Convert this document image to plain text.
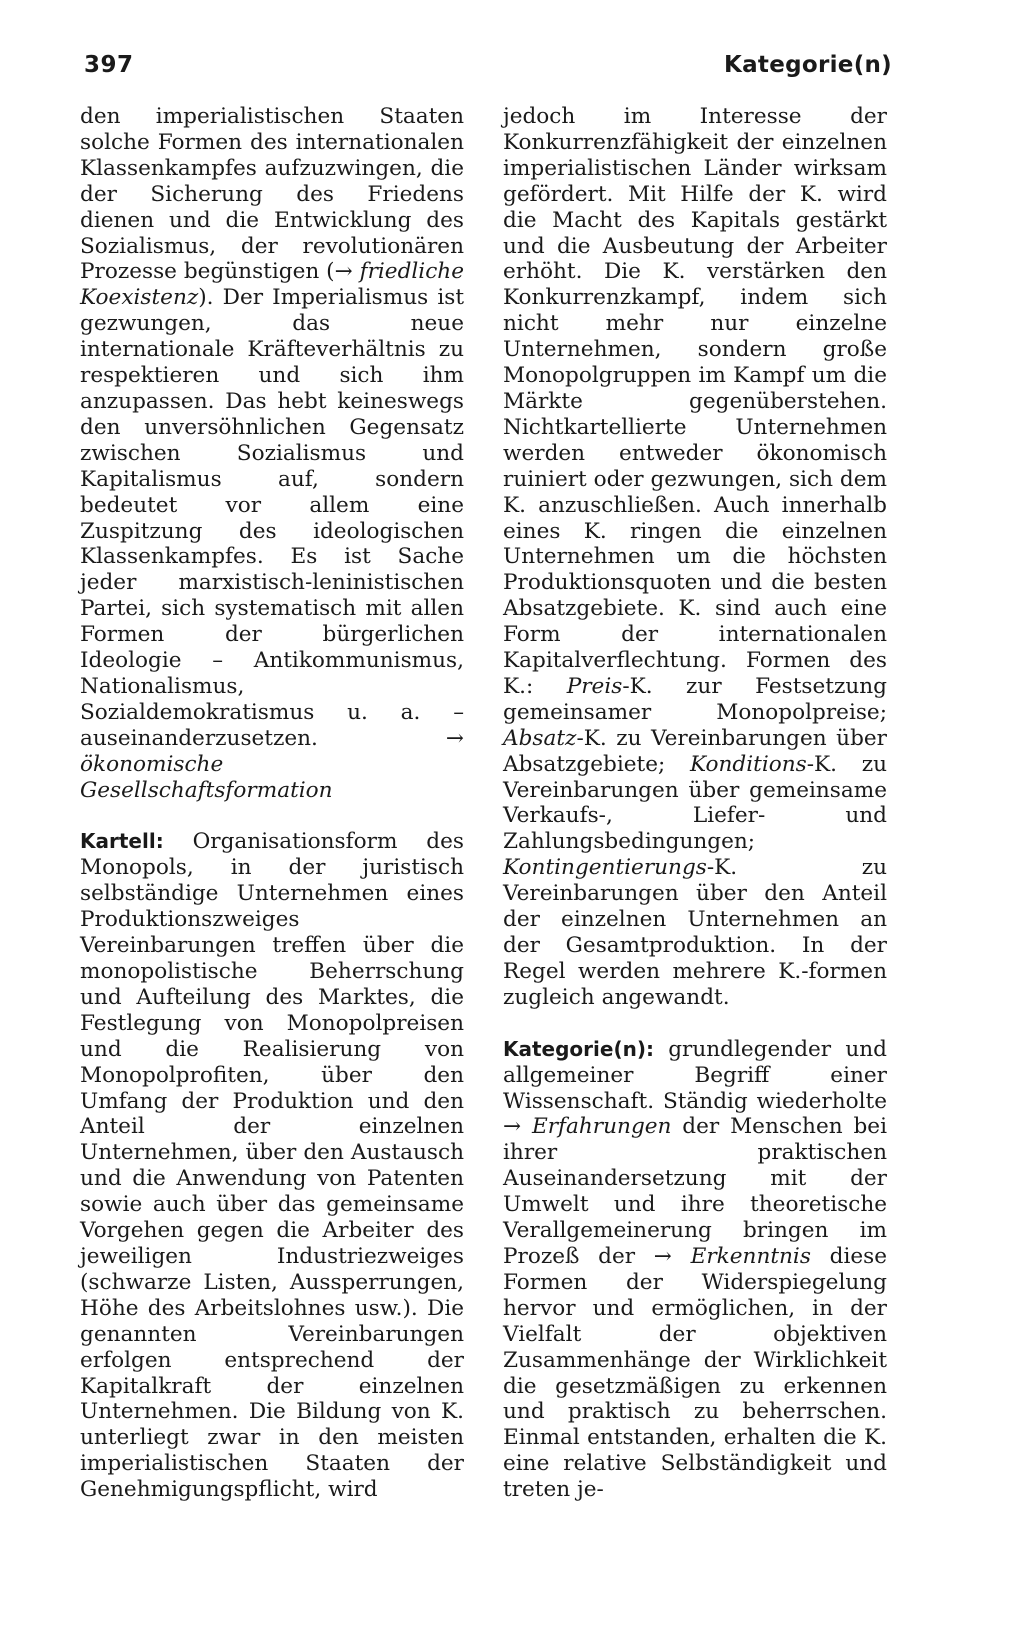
397	Kategorie(n)

den imperialistischen Staaten solche Formen des internationalen Klassenkampfes aufzuzwingen, die der Sicherung des Friedens dienen und die Entwicklung des Sozialismus, der revolutionären Prozesse begünstigen (→ friedliche Koexistenz). Der Imperialismus ist gezwungen, das neue internationale Kräfteverhältnis zu respektieren und sich ihm anzupassen. Das hebt keineswegs den unversöhnlichen Gegensatz zwischen Sozialismus und Kapitalismus auf, sondern bedeutet vor allem eine Zuspitzung des ideologischen Klassenkampfes. Es ist Sache jeder marxistisch-leninistischen Partei, sich systematisch mit allen Formen der bürgerlichen Ideologie – Antikommunismus, Nationalismus, Sozialdemokratismus u. a. – auseinanderzusetzen. → ökonomische Gesellschaftsformation

Kartell: Organisationsform des Monopols, in der juristisch selbständige Unternehmen eines Produktionszweiges Vereinbarungen treffen über die monopolistische Beherrschung und Aufteilung des Marktes, die Festlegung von Monopolpreisen und die Realisierung von Monopolprofiten, über den Umfang der Produktion und den Anteil der einzelnen Unternehmen, über den Austausch und die Anwendung von Patenten sowie auch über das gemeinsame Vorgehen gegen die Arbeiter des jeweiligen Industriezweiges (schwarze Listen, Aussperrungen, Höhe des Arbeitslohnes usw.). Die genannten Vereinbarungen erfolgen entsprechend der Kapitalkraft der einzelnen Unternehmen. Die Bildung von K. unterliegt zwar in den meisten imperialistischen Staaten der Genehmigungspflicht, wird

jedoch im Interesse der Konkurrenzfähigkeit der einzelnen imperialistischen Länder wirksam gefördert. Mit Hilfe der K. wird die Macht des Kapitals gestärkt und die Ausbeutung der Arbeiter erhöht. Die K. verstärken den Konkurrenzkampf, indem sich nicht mehr nur einzelne Unternehmen, sondern große Monopolgruppen im Kampf um die Märkte gegenüberstehen. Nichtkartellierte Unternehmen werden entweder ökonomisch ruiniert oder gezwungen, sich dem K. anzuschließen. Auch innerhalb eines K. ringen die einzelnen Unternehmen um die höchsten Produktionsquoten und die besten Absatzgebiete. K. sind auch eine Form der internationalen Kapitalverflechtung. Formen des K.: Preis-K. zur Festsetzung gemeinsamer Monopolpreise; Absatz-K. zu Vereinbarungen über Absatzgebiete; Konditions-K. zu Vereinbarungen über gemeinsame Verkaufs-, Liefer- und Zahlungsbedingungen; Kontingentierungs-K. zu Vereinbarungen über den Anteil der einzelnen Unternehmen an der Gesamtproduktion. In der Regel werden mehrere K.-formen zugleich angewandt.

Kategorie(n): grundlegender und allgemeiner Begriff einer Wissenschaft. Ständig wiederholte → Erfahrungen der Menschen bei ihrer praktischen Auseinandersetzung mit der Umwelt und ihre theoretische Verallgemeinerung bringen im Prozeß der → Erkenntnis diese Formen der Widerspiegelung hervor und ermöglichen, in der Vielfalt der objektiven Zusammenhänge der Wirklichkeit die gesetzmäßigen zu erkennen und praktisch zu beherrschen. Einmal entstanden, erhalten die K. eine relative Selbständigkeit und treten je-
